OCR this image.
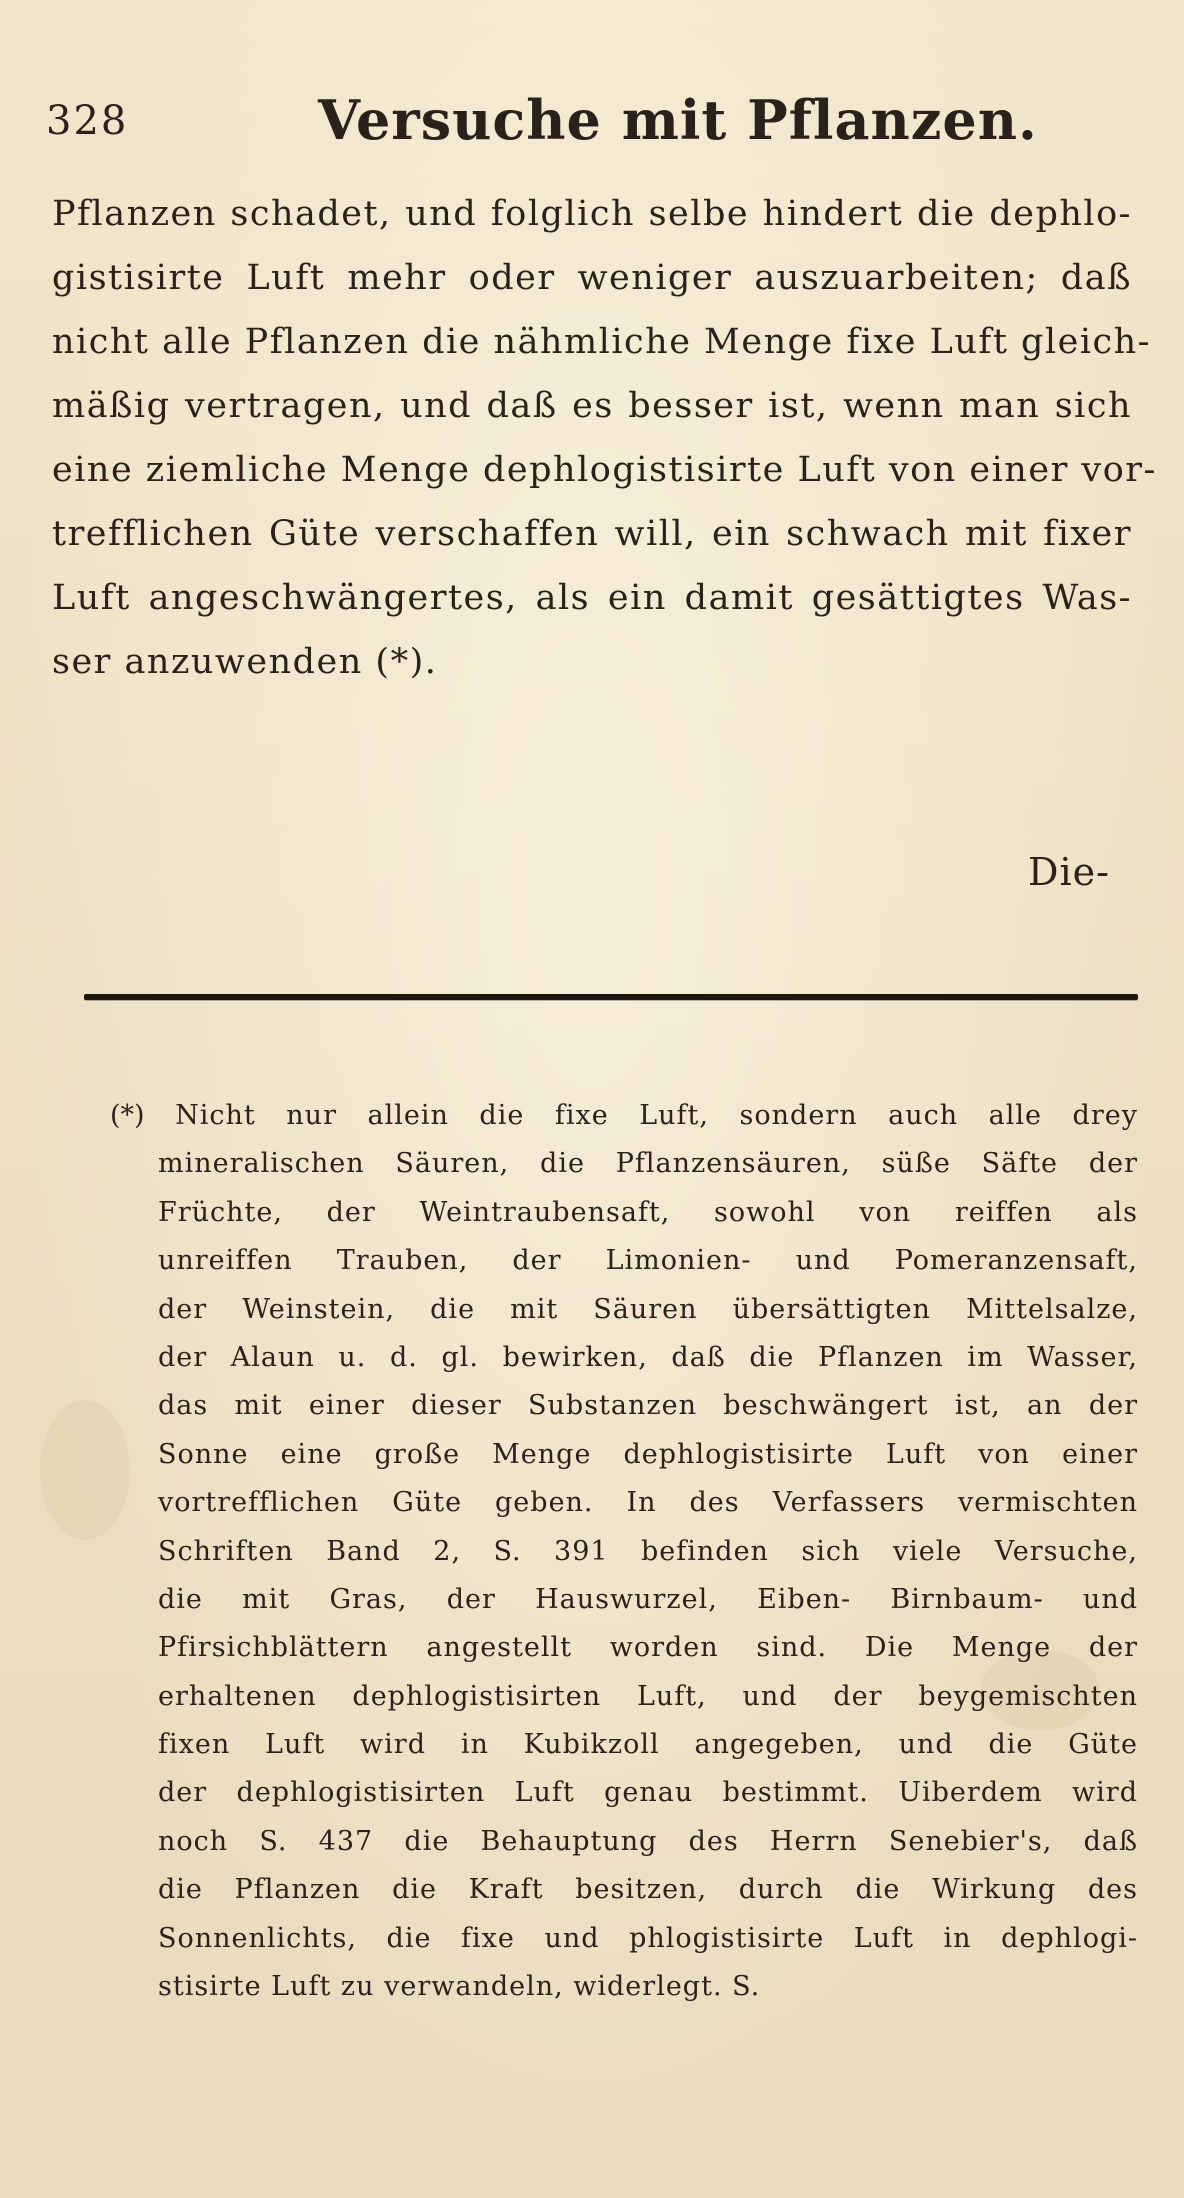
328	Versuche mit Pflanzen.
Pflanzen schadet, und folglich selbe hindert die dephlo-
gistisirte Luft mehr oder weniger auszuarbeiten; daß
nicht alle Pflanzen die nähmliche Menge fixe Luft gleich-
mäßig vertragen, und daß es besser ist, wenn man sich
eine ziemliche Menge dephlogistisirte Luft von einer vor-
trefflichen Güte verschaffen will, ein schwach mit fixer
Luft angeschwängertes, als ein damit gesättigtes Was-
ser anzuwenden (*).
Die-
(*) Nicht nur allein die fixe Luft, sondern auch alle drey
mineralischen Säuren, die Pflanzensäuren, süße Säfte der
Früchte, der Weintraubensaft, sowohl von reiffen als
unreiffen Trauben, der Limonien- und Pomeranzensaft,
der Weinstein, die mit Säuren übersättigten Mittelsalze,
der Alaun u. d. gl. bewirken, daß die Pflanzen im Wasser,
das mit einer dieser Substanzen beschwängert ist, an der
Sonne eine große Menge dephlogistisirte Luft von einer
vortrefflichen Güte geben. In des Verfassers vermischten
Schriften Band 2, S. 391 befinden sich viele Versuche,
die mit Gras, der Hauswurzel, Eiben- Birnbaum- und
Pfirsichblättern angestellt worden sind. Die Menge der
erhaltenen dephlogistisirten Luft, und der beygemischten
fixen Luft wird in Kubikzoll angegeben, und die Güte
der dephlogistisirten Luft genau bestimmt. Uiberdem wird
noch S. 437 die Behauptung des Herrn Senebier's, daß
die Pflanzen die Kraft besitzen, durch die Wirkung des
Sonnenlichts, die fixe und phlogistisirte Luft in dephlogi-
stisirte Luft zu verwandeln, widerlegt. S.
